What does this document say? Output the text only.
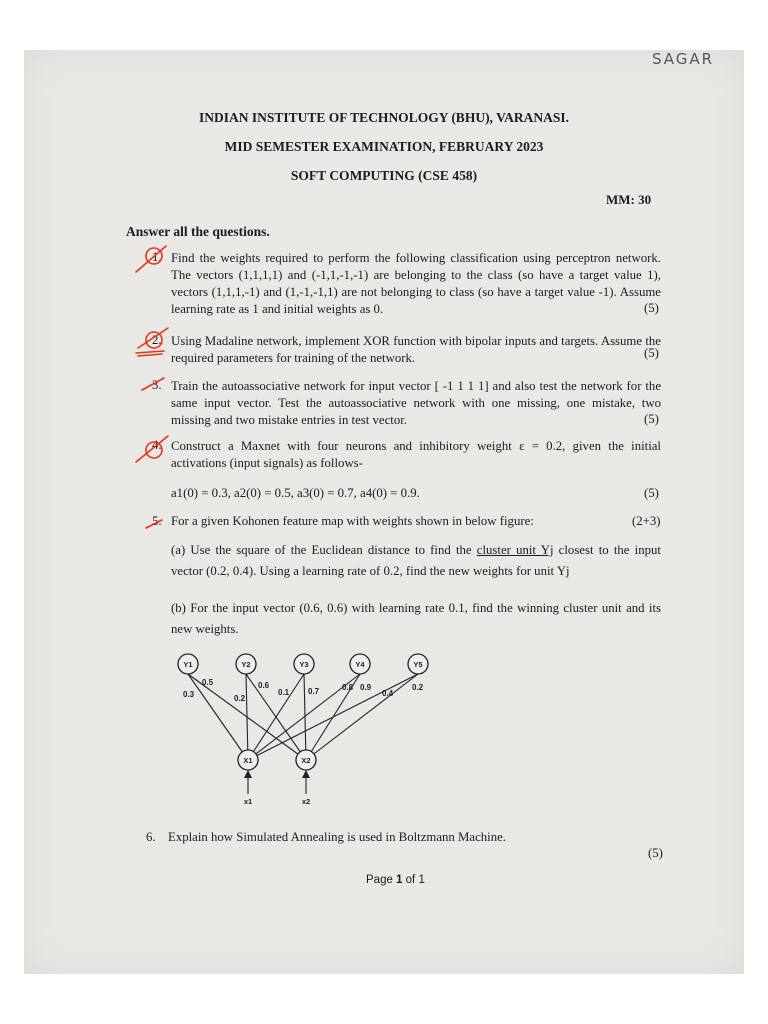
SAGAR
INDIAN INSTITUTE OF TECHNOLOGY (BHU), VARANASI.
MID SEMESTER EXAMINATION, FEBRUARY 2023
SOFT COMPUTING (CSE 458)
MM: 30
Answer all the questions.
1. Find the weights required to perform the following classification using perceptron network. The vectors (1,1,1,1) and (-1,1,-1,-1) are belonging to the class (so have a target value 1), vectors (1,1,1,-1) and (1,-1,-1,1) are not belonging to class (so have a target value -1). Assume learning rate as 1 and initial weights as 0.	(5)
2. Using Madaline network, implement XOR function with bipolar inputs and targets. Assume the required parameters for training of the network.	(5)
3. Train the autoassociative network for input vector [ -1 1 1 1] and also test the network for the same input vector. Test the autoassociative network with one missing, one mistake, two missing and two mistake entries in test vector.	(5)
4. Construct a Maxnet with four neurons and inhibitory weight ε = 0.2, given the initial activations (input signals) as follows-
a1(0) = 0.3, a2(0) = 0.5, a3(0) = 0.7, a4(0) = 0.9.	(5)
5. For a given Kohonen feature map with weights shown in below figure:	(2+3)
(a) Use the square of the Euclidean distance to find the cluster unit Yj closest to the input vector (0.2, 0.4). Using a learning rate of 0.2, find the new weights for unit Yj
(b) For the input vector (0.6, 0.6) with learning rate 0.1, find the winning cluster unit and its new weights.
Y1	Y2	Y3	Y4	Y5
X1	X2
x1	x2
0.3
0.5
0.2
0.6
0.1 0.7	0.8 0.9
0.4
0.2
6. Explain how Simulated Annealing is used in Boltzmann Machine.
(5)
Page 1 of 1
